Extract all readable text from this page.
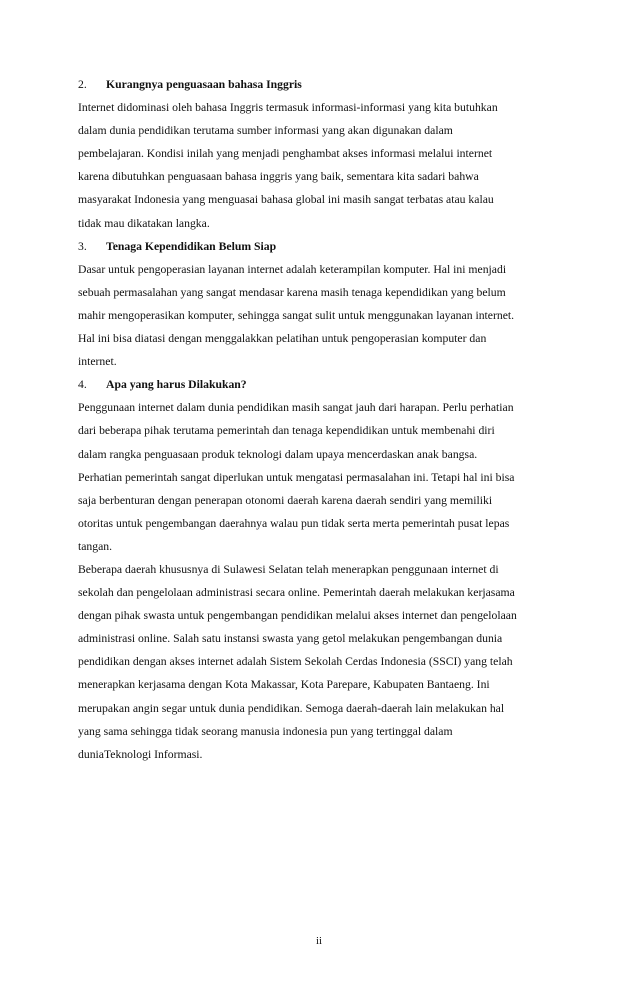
2. Kurangnya penguasaan bahasa Inggris
Internet didominasi oleh bahasa Inggris termasuk informasi-informasi yang kita butuhkan
dalam dunia pendidikan terutama sumber informasi yang akan digunakan dalam
pembelajaran. Kondisi inilah yang menjadi penghambat akses informasi melalui internet
karena dibutuhkan penguasaan bahasa inggris yang baik, sementara kita sadari bahwa
masyarakat Indonesia yang menguasai bahasa global ini masih sangat terbatas atau kalau
tidak mau dikatakan langka.
3. Tenaga Kependidikan Belum Siap
Dasar untuk pengoperasian layanan internet adalah keterampilan komputer. Hal ini menjadi
sebuah permasalahan yang sangat mendasar karena masih tenaga kependidikan yang belum
mahir mengoperasikan komputer, sehingga sangat sulit untuk menggunakan layanan internet.
Hal ini bisa diatasi dengan menggalakkan pelatihan untuk pengoperasian komputer dan
internet.
4. Apa yang harus Dilakukan?
Penggunaan internet dalam dunia pendidikan masih sangat jauh dari harapan. Perlu perhatian
dari beberapa pihak terutama pemerintah dan tenaga kependidikan untuk membenahi diri
dalam rangka penguasaan produk teknologi dalam upaya mencerdaskan anak bangsa.
Perhatian pemerintah sangat diperlukan untuk mengatasi permasalahan ini. Tetapi hal ini bisa
saja berbenturan dengan penerapan otonomi daerah karena daerah sendiri yang memiliki
otoritas untuk pengembangan daerahnya walau pun tidak serta merta pemerintah pusat lepas
tangan.
Beberapa daerah khususnya di Sulawesi Selatan telah menerapkan penggunaan internet di
sekolah dan pengelolaan administrasi secara online. Pemerintah daerah melakukan kerjasama
dengan pihak swasta untuk pengembangan pendidikan melalui akses internet dan pengelolaan
administrasi online. Salah satu instansi swasta yang getol melakukan pengembangan dunia
pendidikan dengan akses internet adalah Sistem Sekolah Cerdas Indonesia (SSCI) yang telah
menerapkan kerjasama dengan Kota Makassar, Kota Parepare, Kabupaten Bantaeng. Ini
merupakan angin segar untuk dunia pendidikan. Semoga daerah-daerah lain melakukan hal
yang sama sehingga tidak seorang manusia indonesia pun yang tertinggal dalam
duniaTeknologi Informasi.
ii
